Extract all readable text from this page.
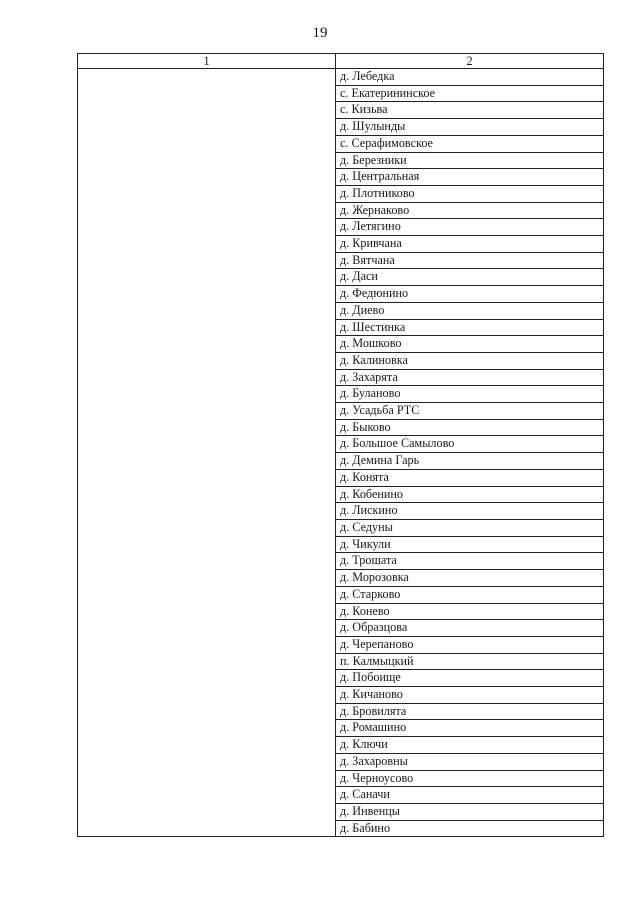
19
1	2
	д. Лебедка
	с. Екатерининское
	с. Кизьва
	д. Шулынды
	с. Серафимовское
	д. Березники
	д. Центральная
	д. Плотниково
	д. Жернаково
	д. Летягино
	д. Кривчана
	д. Вятчана
	д. Даси
	д. Федюнино
	д. Диево
	д. Шестинка
	д. Мошково
	д. Калиновка
	д. Захарята
	д. Буланово
	д. Усадьба РТС
	д. Быково
	д. Большое Самылово
	д. Демина Гарь
	д. Конята
	д. Кобенино
	д. Лискино
	д. Седуны
	д. Чикули
	д. Трошата
	д. Морозовка
	д. Старково
	д. Конево
	д. Образцова
	д. Черепаново
	п. Калмыцкий
	д. Побоище
	д. Кичаново
	д. Бровилята
	д. Ромашино
	д. Ключи
	д. Захаровны
	д. Черноусово
	д. Саначи
	д. Инвенцы
	д. Бабино
